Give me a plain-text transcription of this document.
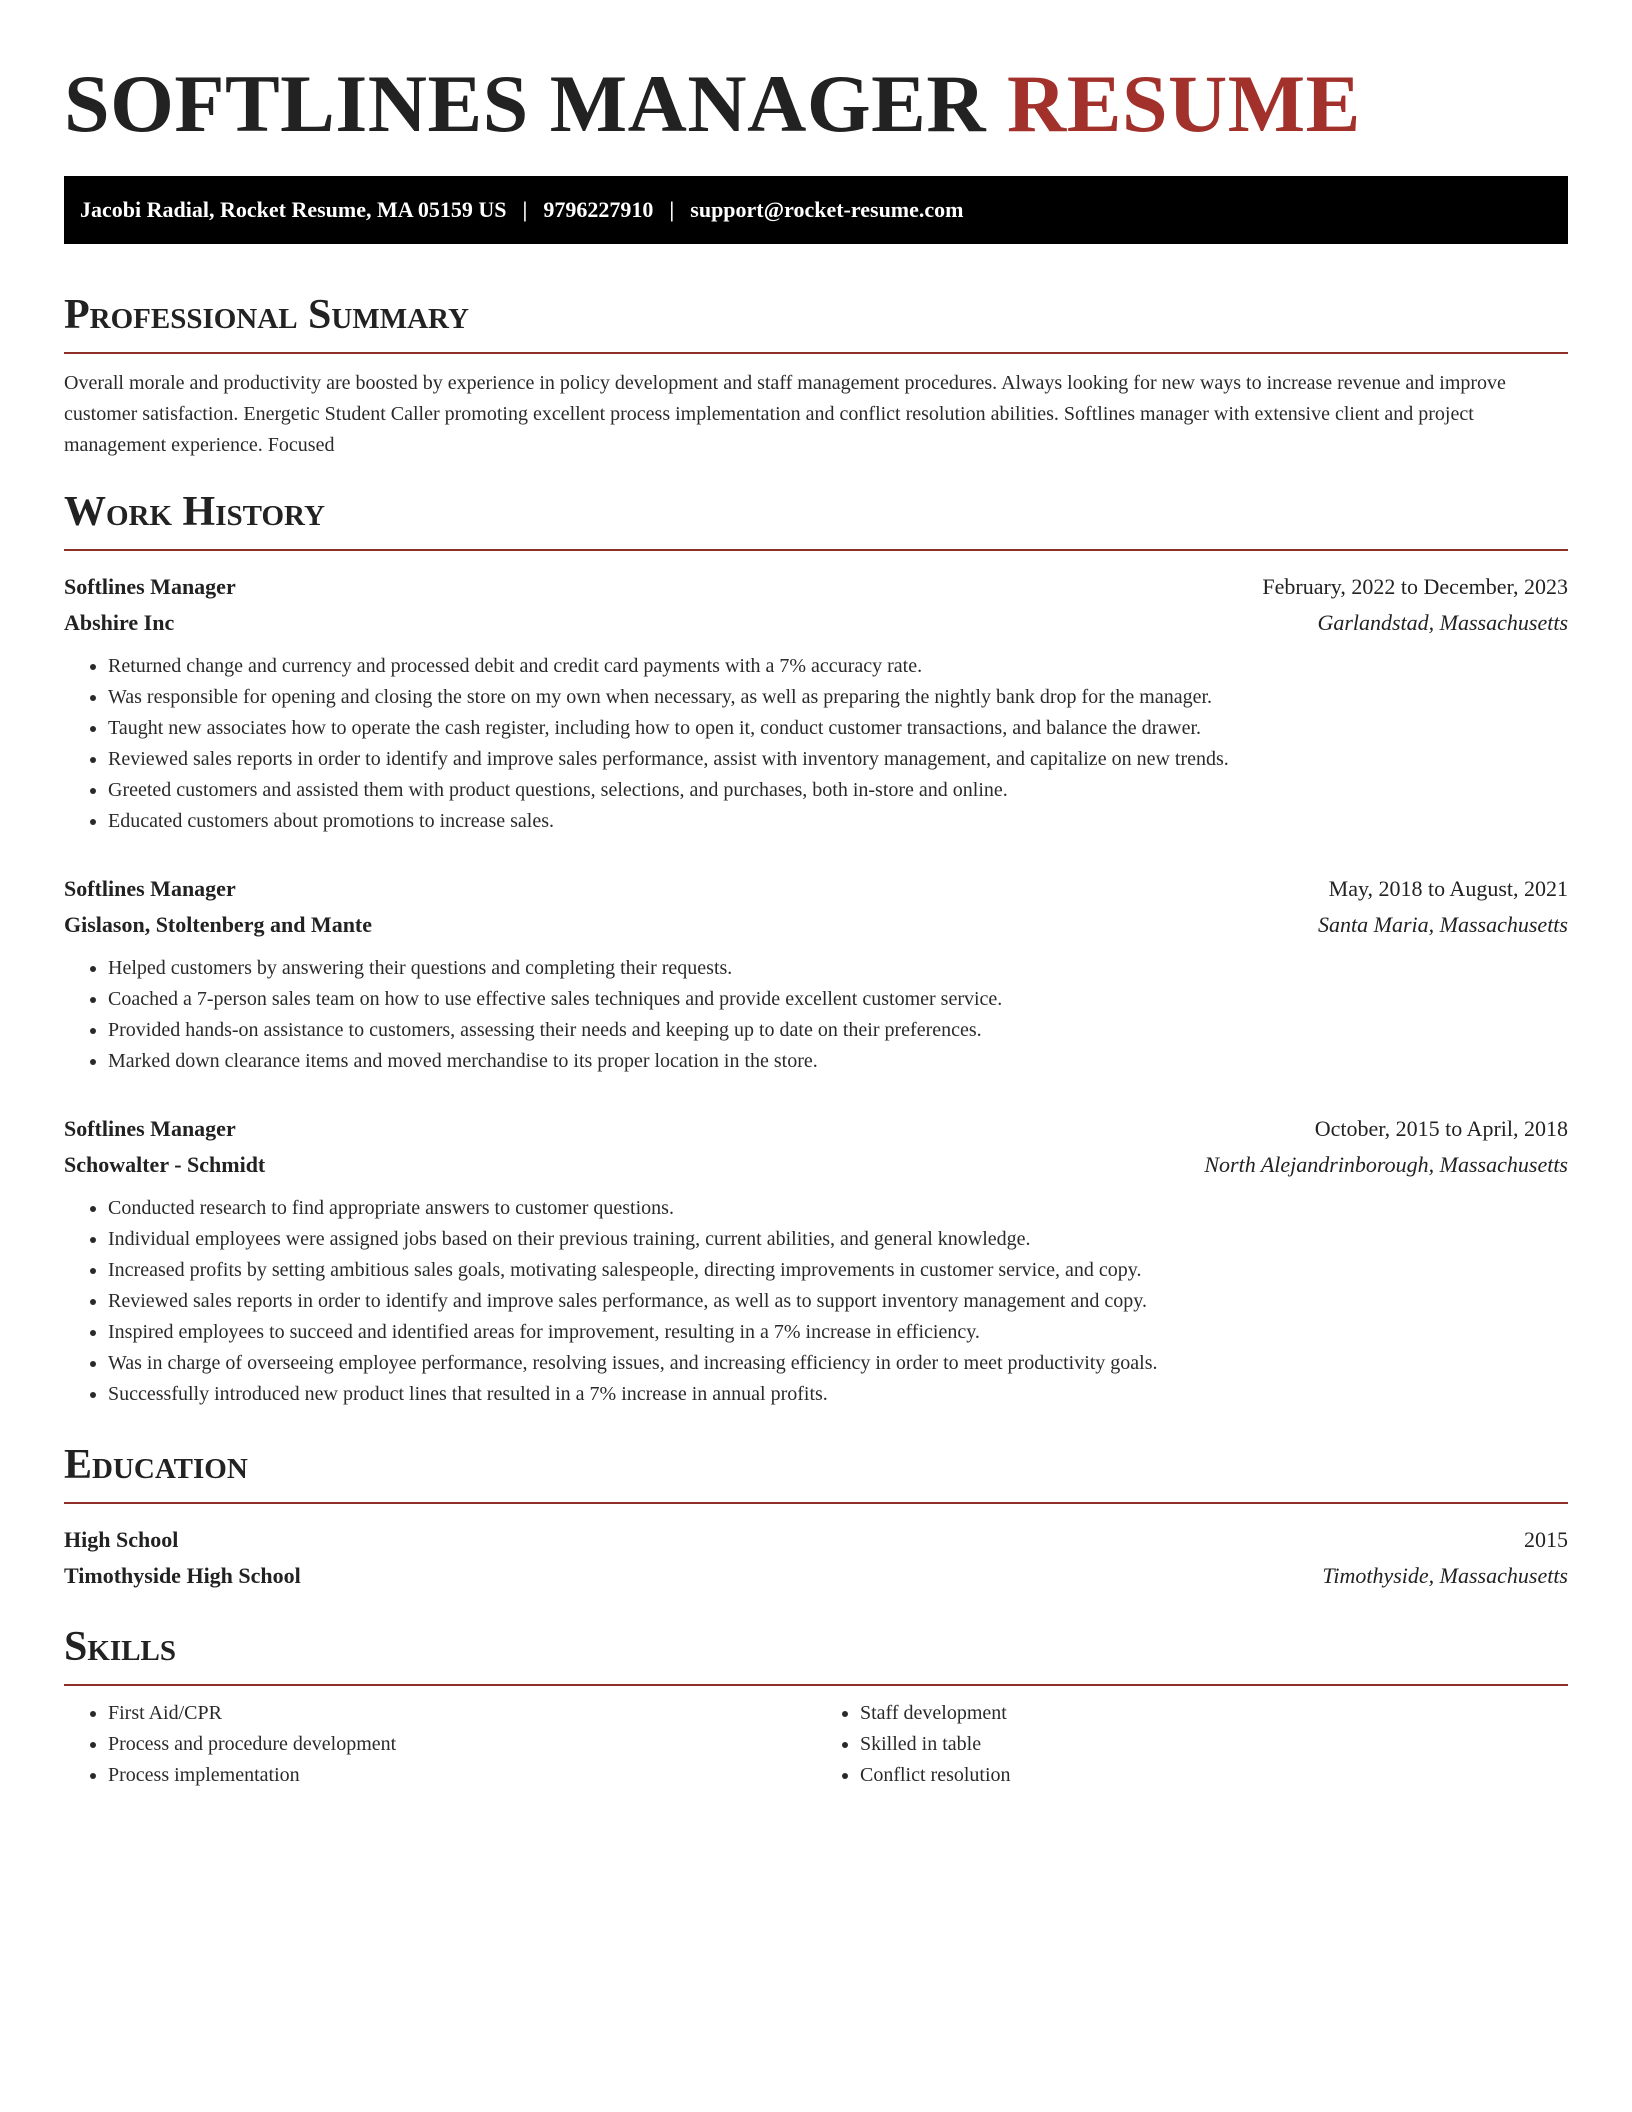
SOFTLINES MANAGER RESUME
Jacobi Radial, Rocket Resume, MA 05159 US | 9796227910 | support@rocket-resume.com
Professional Summary

Overall morale and productivity are boosted by experience in policy development and staff management procedures. Always looking for new ways to increase revenue and improve customer satisfaction. Energetic Student Caller promoting excellent process implementation and conflict resolution abilities. Softlines manager with extensive client and project management experience. Focused

Work History
Softlines Manager	February, 2022 to December, 2023
Abshire Inc	Garlandstad, Massachusetts
• Returned change and currency and processed debit and credit card payments with a 7% accuracy rate.
• Was responsible for opening and closing the store on my own when necessary, as well as preparing the nightly bank drop for the manager.
• Taught new associates how to operate the cash register, including how to open it, conduct customer transactions, and balance the drawer.
• Reviewed sales reports in order to identify and improve sales performance, assist with inventory management, and capitalize on new trends.
• Greeted customers and assisted them with product questions, selections, and purchases, both in-store and online.
• Educated customers about promotions to increase sales.
Softlines Manager	May, 2018 to August, 2021
Gislason, Stoltenberg and Mante	Santa Maria, Massachusetts
• Helped customers by answering their questions and completing their requests.
• Coached a 7-person sales team on how to use effective sales techniques and provide excellent customer service.
• Provided hands-on assistance to customers, assessing their needs and keeping up to date on their preferences.
• Marked down clearance items and moved merchandise to its proper location in the store.
Softlines Manager	October, 2015 to April, 2018
Schowalter - Schmidt	North Alejandrinborough, Massachusetts
• Conducted research to find appropriate answers to customer questions.
• Individual employees were assigned jobs based on their previous training, current abilities, and general knowledge.
• Increased profits by setting ambitious sales goals, motivating salespeople, directing improvements in customer service, and copy.
• Reviewed sales reports in order to identify and improve sales performance, as well as to support inventory management and copy.
• Inspired employees to succeed and identified areas for improvement, resulting in a 7% increase in efficiency.
• Was in charge of overseeing employee performance, resolving issues, and increasing efficiency in order to meet productivity goals.
• Successfully introduced new product lines that resulted in a 7% increase in annual profits.
Education
High School	2015
Timothyside High School	Timothyside, Massachusetts
Skills
• First Aid/CPR
• Process and procedure development
• Process implementation
• Staff development
• Skilled in table
• Conflict resolution
